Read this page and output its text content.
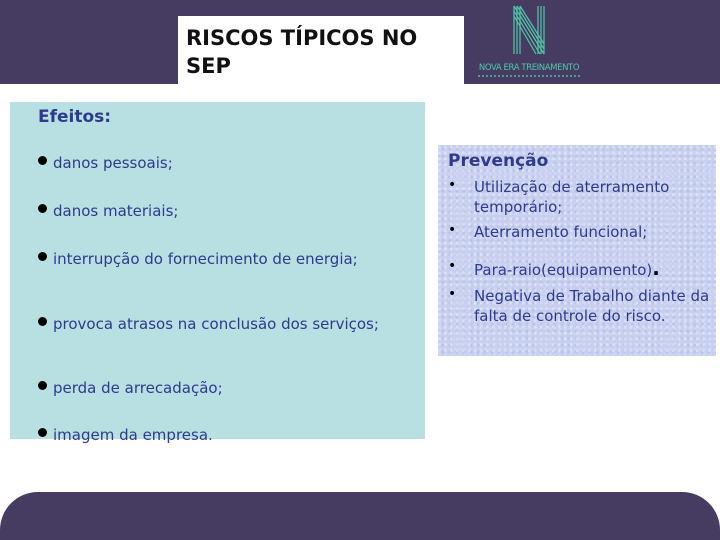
RISCOS TÍPICOS NO SEP	NOVA ERA TREINAMENTO

Efeitos:

danos pessoais;
danos materiais;
interrupção do fornecimento de energia;
provoca atrasos na conclusão dos serviços;
perda de arrecadação;
imagem da empresa.

Prevenção

• Utilização de aterramento temporário;
• Aterramento funcional;
• Para-raio(equipamento).
• Negativa de Trabalho diante da falta de controle do risco.
